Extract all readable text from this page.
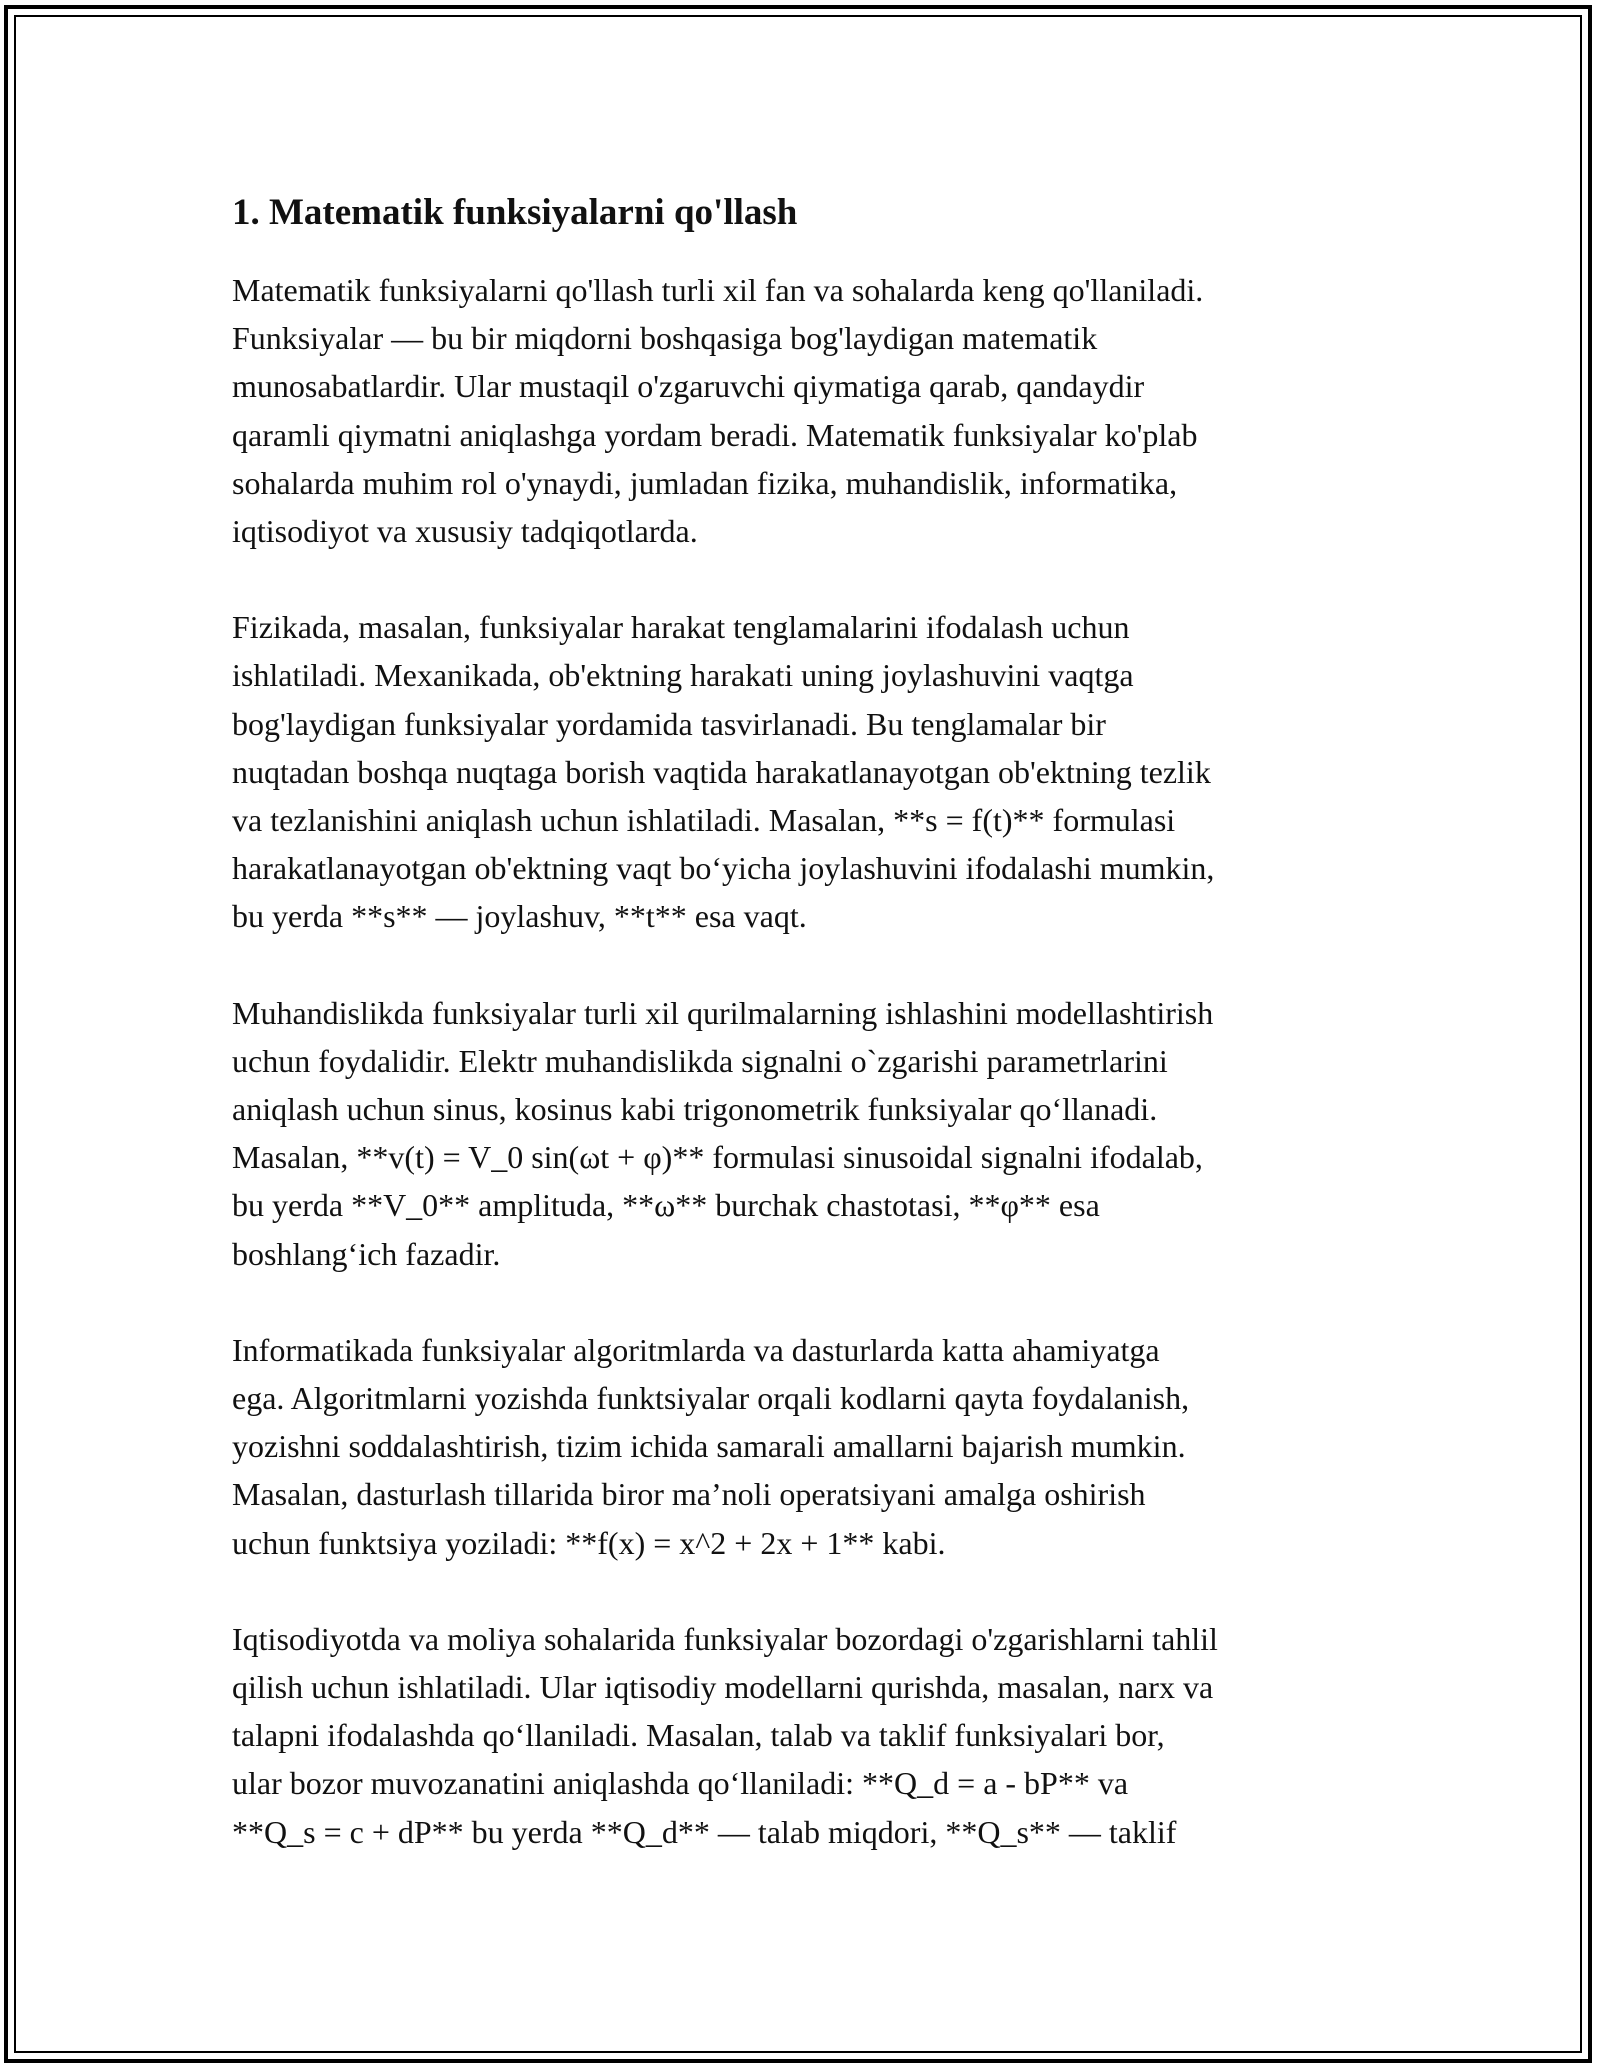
1. Matematik funksiyalarni qo'llash

Matematik funksiyalarni qo'llash turli xil fan va sohalarda keng qo'llaniladi.
Funksiyalar — bu bir miqdorni boshqasiga bog'laydigan matematik
munosabatlardir. Ular mustaqil o'zgaruvchi qiymatiga qarab, qandaydir
qaramli qiymatni aniqlashga yordam beradi. Matematik funksiyalar ko'plab
sohalarda muhim rol o'ynaydi, jumladan fizika, muhandislik, informatika,
iqtisodiyot va xususiy tadqiqotlarda.

Fizikada, masalan, funksiyalar harakat tenglamalarini ifodalash uchun
ishlatiladi. Mexanikada, ob'ektning harakati uning joylashuvini vaqtga
bog'laydigan funksiyalar yordamida tasvirlanadi. Bu tenglamalar bir
nuqtadan boshqa nuqtaga borish vaqtida harakatlanayotgan ob'ektning tezlik
va tezlanishini aniqlash uchun ishlatiladi. Masalan, **s = f(t)** formulasi
harakatlanayotgan ob'ektning vaqt bo‘yicha joylashuvini ifodalashi mumkin,
bu yerda **s** — joylashuv, **t** esa vaqt.

Muhandislikda funksiyalar turli xil qurilmalarning ishlashini modellashtirish
uchun foydalidir. Elektr muhandislikda signalni o`zgarishi parametrlarini
aniqlash uchun sinus, kosinus kabi trigonometrik funksiyalar qo‘llanadi.
Masalan, **v(t) = V_0 sin(ωt + φ)** formulasi sinusoidal signalni ifodalab,
bu yerda **V_0** amplituda, **ω** burchak chastotasi, **φ** esa
boshlang‘ich fazadir.

Informatikada funksiyalar algoritmlarda va dasturlarda katta ahamiyatga
ega. Algoritmlarni yozishda funktsiyalar orqali kodlarni qayta foydalanish,
yozishni soddalashtirish, tizim ichida samarali amallarni bajarish mumkin.
Masalan, dasturlash tillarida biror ma’noli operatsiyani amalga oshirish
uchun funktsiya yoziladi: **f(x) = x^2 + 2x + 1** kabi.

Iqtisodiyotda va moliya sohalarida funksiyalar bozordagi o'zgarishlarni tahlil
qilish uchun ishlatiladi. Ular iqtisodiy modellarni qurishda, masalan, narx va
talapni ifodalashda qo‘llaniladi. Masalan, talab va taklif funksiyalari bor,
ular bozor muvozanatini aniqlashda qo‘llaniladi: **Q_d = a - bP** va
**Q_s = c + dP** bu yerda **Q_d** — talab miqdori, **Q_s** — taklif
